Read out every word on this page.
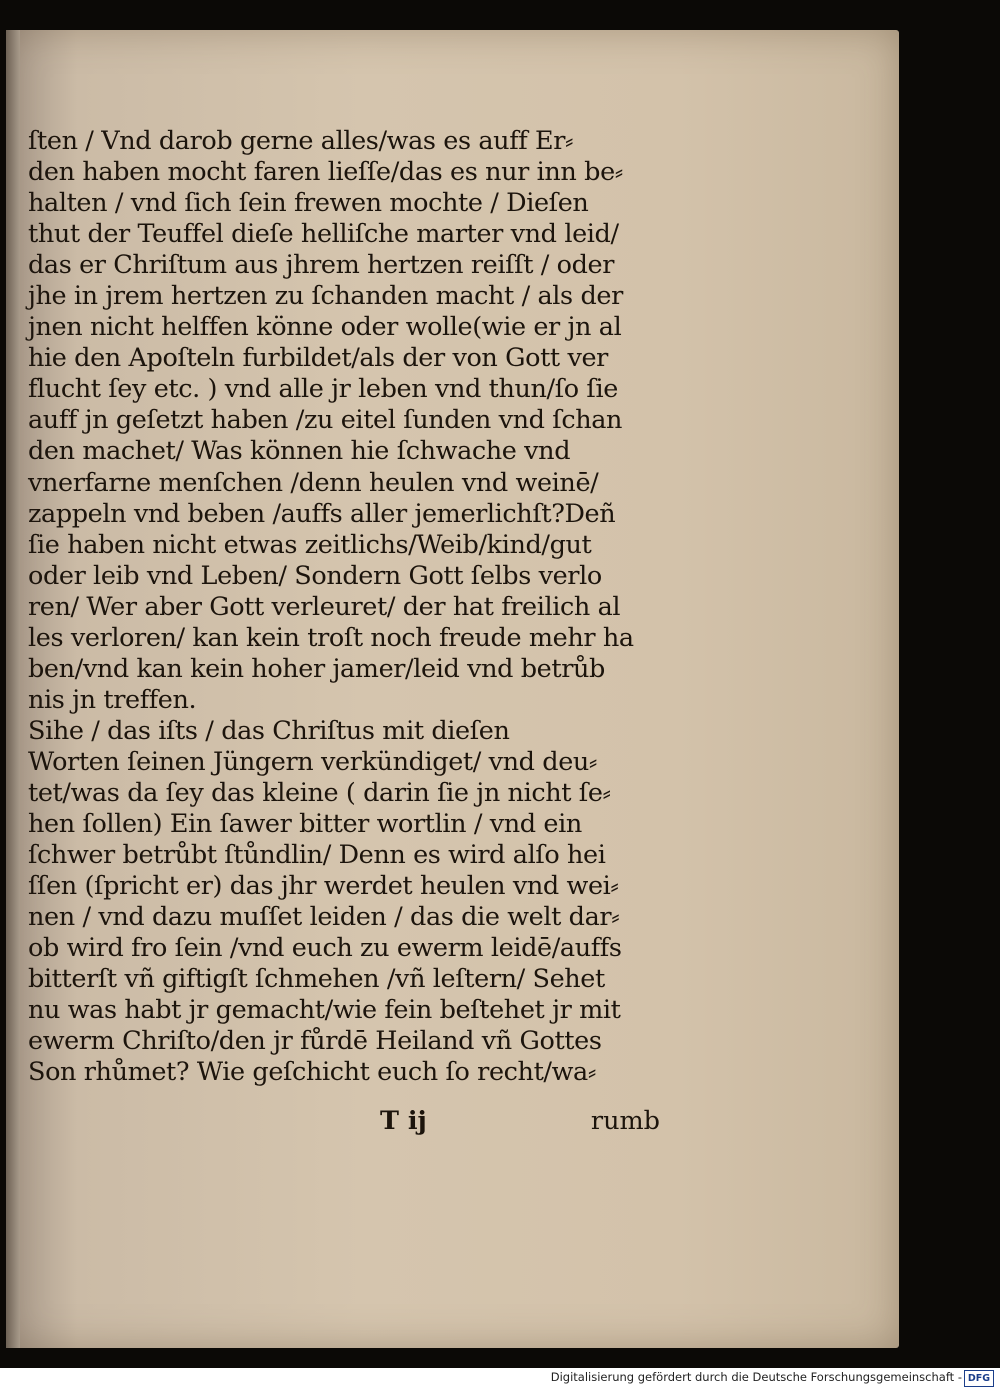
ſten / Vnd darob gerne alles/was es auff Er⸗
den haben mocht faren lieſſe/das es nur inn be⸗
halten / vnd ſich ſein frewen mochte / Dieſen
thut der Teuffel dieſe helliſche marter vnd leid/
das er Chriſtum aus jhrem hertzen reiſſt / oder
jhe in jrem hertzen zu ſchanden macht / als der
jnen nicht helffen könne oder wolle(wie er jn al
hie den Apoſteln furbildet/als der von Gott ver
flucht ſey etc. ) vnd alle jr leben vnd thun/ſo ſie
auff jn geſetzt haben /zu eitel ſunden vnd ſchan
den machet/ Was können hie ſchwache vnd
vnerfarne menſchen /denn heulen vnd weinē/
zappeln vnd beben /auffs aller jemerlichſt?Deñ
ſie haben nicht etwas zeitlichs/Weib/kind/gut
oder leib vnd Leben/ Sondern Gott ſelbs verlo
ren/ Wer aber Gott verleuret/ der hat freilich al
les verloren/ kan kein troſt noch freude mehr ha
ben/vnd kan kein hoher jamer/leid vnd betrůb
nis jn treffen.
Sihe / das iſts / das Chriſtus mit dieſen
Worten ſeinen Jüngern verkündiget/ vnd deu⸗
tet/was da ſey das kleine ( darin ſie jn nicht ſe⸗
hen ſollen) Ein ſawer bitter wortlin / vnd ein
ſchwer betrůbt ſtůndlin/ Denn es wird alſo hei
ſſen (ſpricht er) das jhr werdet heulen vnd wei⸗
nen / vnd dazu muſſet leiden / das die welt dar⸗
ob wird fro ſein /vnd euch zu ewerm leidē/auffs
bitterſt vñ giftigſt ſchmehen /vñ leſtern/ Sehet
nu was habt jr gemacht/wie fein beſtehet jr mit
ewerm Chriſto/den jr fůrdē Heiland vñ Gottes
Son rhůmet? Wie geſchicht euch ſo recht/wa⸗
T ij	rumb
Digitalisierung gefördert durch die Deutsche Forschungsgemeinschaft - DFG
